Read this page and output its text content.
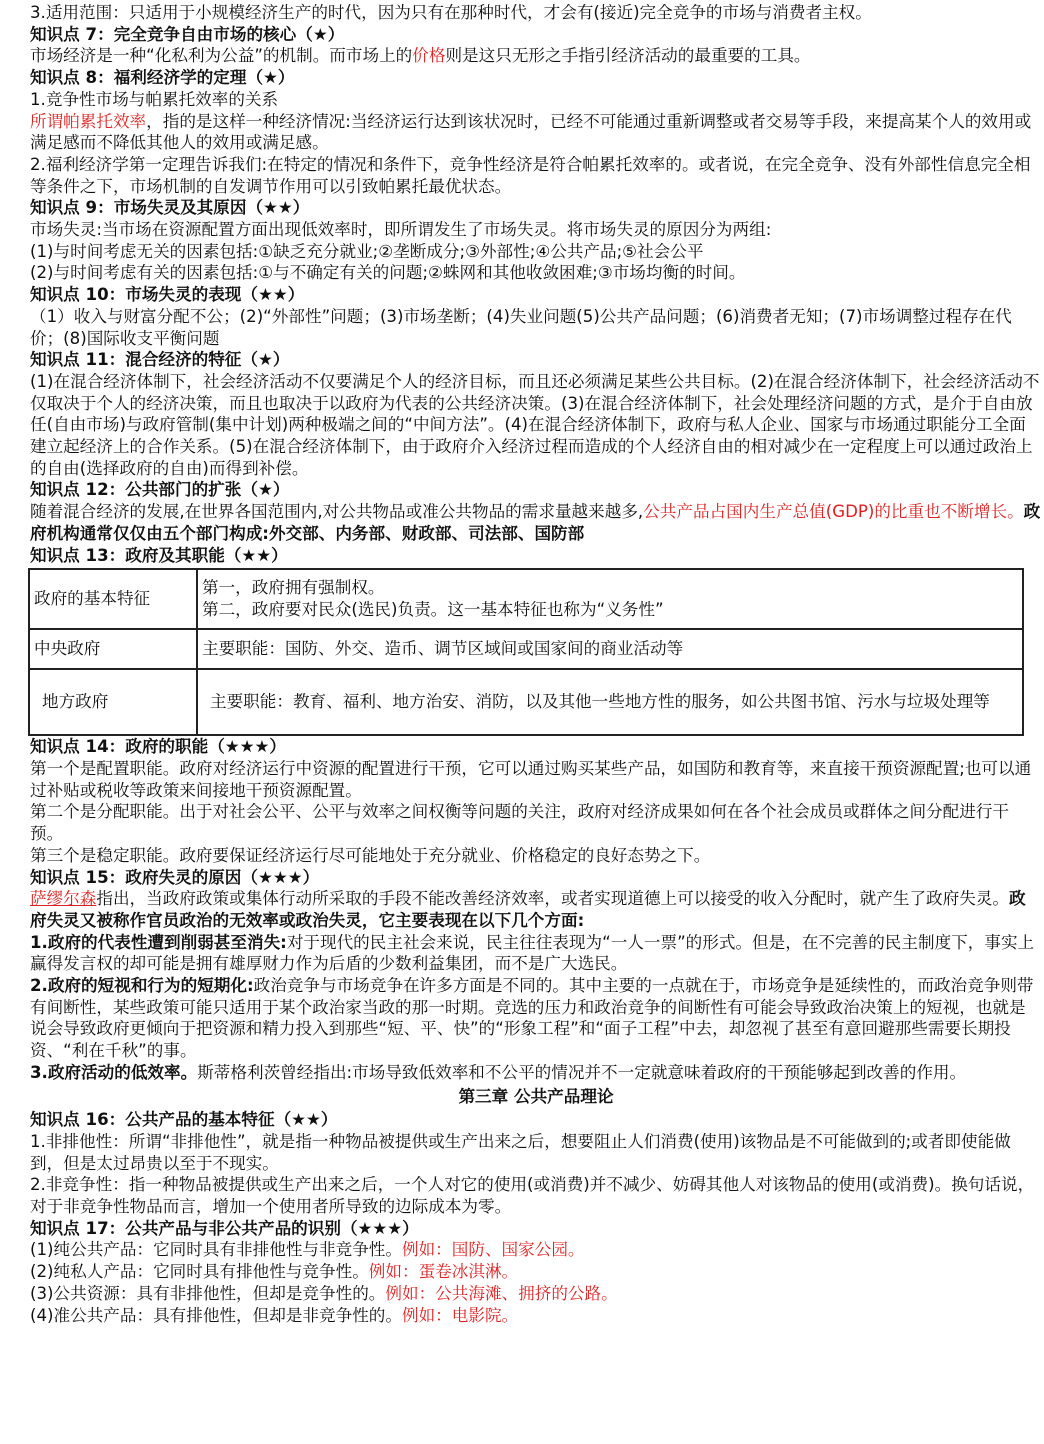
3.适用范围：只适用于小规模经济生产的时代，因为只有在那种时代，才会有(接近)完全竞争的市场与消费者主权。

知识点 7：完全竞争自由市场的核心（★）

市场经济是一种“化私利为公益”的机制。而市场上的价格则是这只无形之手指引经济活动的最重要的工具。

知识点 8：福利经济学的定理（★）

1.竞争性市场与帕累托效率的关系

所谓帕累托效率，指的是这样一种经济情况:当经济运行达到该状况时，已经不可能通过重新调整或者交易等手段，来提高某个人的效用或满足感而不降低其他人的效用或满足感。

2.福利经济学第一定理告诉我们:在特定的情况和条件下，竞争性经济是符合帕累托效率的。或者说，在完全竞争、没有外部性信息完全相等条件之下，市场机制的自发调节作用可以引致帕累托最优状态。

知识点 9：市场失灵及其原因（★★）

市场失灵:当市场在资源配置方面出现低效率时，即所谓发生了市场失灵。将市场失灵的原因分为两组:

(1)与时间考虑无关的因素包括:①缺乏充分就业;②垄断成分;③外部性;④公共产品;⑤社会公平

(2)与时间考虑有关的因素包括:①与不确定有关的问题;②蛛网和其他收敛困难;③市场均衡的时间。

知识点 10：市场失灵的表现（★★）

（1）收入与财富分配不公；(2)“外部性”问题；(3)市场垄断；(4)失业问题(5)公共产品问题；(6)消费者无知；(7)市场调整过程存在代价；(8)国际收支平衡问题

知识点 11：混合经济的特征（★）

(1)在混合经济体制下，社会经济活动不仅要满足个人的经济目标，而且还必须满足某些公共目标。(2)在混合经济体制下，社会经济活动不仅取决于个人的经济决策，而且也取决于以政府为代表的公共经济决策。(3)在混合经济体制下，社会处理经济问题的方式，是介于自由放任(自由市场)与政府管制(集中计划)两种极端之间的“中间方法”。(4)在混合经济体制下，政府与私人企业、国家与市场通过职能分工全面建立起经济上的合作关系。(5)在混合经济体制下，由于政府介入经济过程而造成的个人经济自由的相对减少在一定程度上可以通过政治上的自由(选择政府的自由)而得到补偿。

知识点 12：公共部门的扩张（★）

随着混合经济的发展,在世界各国范围内,对公共物品或准公共物品的需求量越来越多,公共产品占国内生产总值(GDP)的比重也不断增长。政府机构通常仅仅由五个部门构成:外交部、内务部、财政部、司法部、国防部

知识点 13：政府及其职能（★★）

政府的基本特征	第一，政府拥有强制权。
第二，政府要对民众(选民)负责。这一基本特征也称为“义务性”

中央政府	主要职能：国防、外交、造币、调节区域间或国家间的商业活动等
地方政府	主要职能：教育、福利、地方治安、消防，以及其他一些地方性的服务，如公共图书馆、污水与垃圾处理等

知识点 14：政府的职能（★★★）

第一个是配置职能。政府对经济运行中资源的配置进行干预，它可以通过购买某些产品，如国防和教育等，来直接干预资源配置;也可以通过补贴或税收等政策来间接地干预资源配置。

第二个是分配职能。出于对社会公平、公平与效率之间权衡等问题的关注，政府对经济成果如何在各个社会成员或群体之间分配进行干预。

第三个是稳定职能。政府要保证经济运行尽可能地处于充分就业、价格稳定的良好态势之下。

知识点 15：政府失灵的原因（★★★）

萨缪尔森指出，当政府政策或集体行动所采取的手段不能改善经济效率，或者实现道德上可以接受的收入分配时，就产生了政府失灵。政府失灵又被称作官员政治的无效率或政治失灵，它主要表现在以下几个方面:

1.政府的代表性遭到削弱甚至消失:对于现代的民主社会来说，民主往往表现为“一人一票”的形式。但是，在不完善的民主制度下，事实上赢得发言权的却可能是拥有雄厚财力作为后盾的少数利益集团，而不是广大选民。

2.政府的短视和行为的短期化:政治竞争与市场竞争在许多方面是不同的。其中主要的一点就在于，市场竞争是延续性的，而政治竞争则带有间断性，某些政策可能只适用于某个政治家当政的那一时期。竞选的压力和政治竞争的间断性有可能会导致政治决策上的短视，也就是说会导致政府更倾向于把资源和精力投入到那些“短、平、快”的“形象工程”和“面子工程”中去，却忽视了甚至有意回避那些需要长期投资、“利在千秋”的事。

3.政府活动的低效率。斯蒂格利茨曾经指出:市场导致低效率和不公平的情况并不一定就意味着政府的干预能够起到改善的作用。

第三章 公共产品理论

知识点 16：公共产品的基本特征（★★）

1.非排他性：所谓“非排他性”，就是指一种物品被提供或生产出来之后，想要阻止人们消费(使用)该物品是不可能做到的;或者即使能做到，但是太过昂贵以至于不现实。

2.非竞争性：指一种物品被提供或生产出来之后，一个人对它的使用(或消费)并不减少、妨碍其他人对该物品的使用(或消费)。换句话说，对于非竞争性物品而言，增加一个使用者所导致的边际成本为零。

知识点 17：公共产品与非公共产品的识别（★★★）

(1)纯公共产品：它同时具有非排他性与非竞争性。例如：国防、国家公园。

(2)纯私人产品：它同时具有排他性与竞争性。例如：蛋卷冰淇淋。

(3)公共资源：具有非排他性，但却是竞争性的。例如：公共海滩、拥挤的公路。

(4)准公共产品：具有排他性，但却是非竞争性的。例如：电影院。
